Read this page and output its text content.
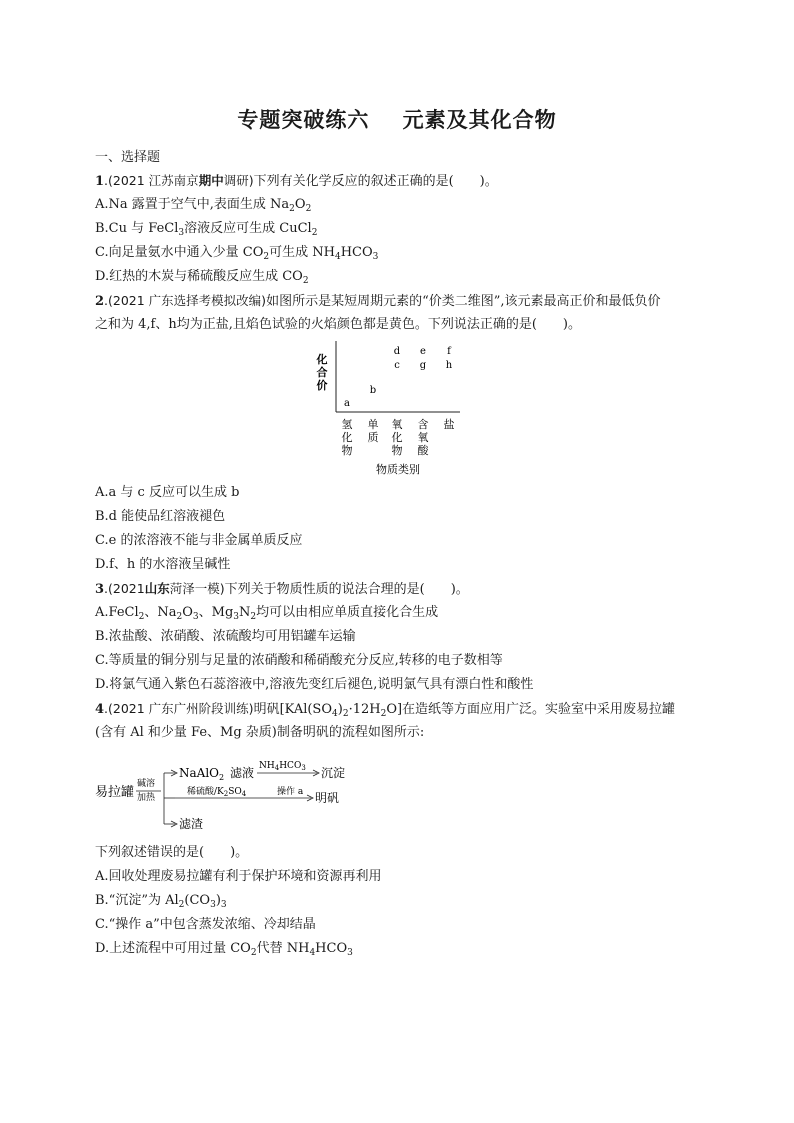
专题突破练六    元素及其化合物
一、选择题
1.(2021 江苏南京期中调研)下列有关化学反应的叙述正确的是(　　)。
A.Na 露置于空气中,表面生成 $Na_2O_2$
B.Cu 与 FeCl$_3$溶液反应可生成 CuCl$_2$
C.向足量氨水中通入少量 $CO_2$可生成 $NH_4HCO_3$
D.红热的木炭与稀硫酸反应生成 $CO_2$
2.(2021 广东选择考模拟改编)如图所示是某短周期元素的“价类二维图”,该元素最高正价和最低负价
之和为 4,f、h均为正盐,且焰色试验的火焰颜色都是黄色。下列说法正确的是(　　)。
化
合
价
a
b
c
d e
g
f
h
氢
化
物
单
质
氧
化
物
含
氧
酸
盐
物质类别
A.a 与 c 反应可以生成 b
B.d 能使品红溶液褪色
C.e 的浓溶液不能与非金属单质反应
D.f、h 的水溶液呈碱性
3.(2021山东菏泽一模)下列关于物质性质的说法合理的是(　　)。
A.FeCl$_2$、$Na_2O_3$、$Mg_3N_2$均可以由相应单质直接化合生成
B.浓盐酸、浓硝酸、浓硫酸均可用铝罐车运输
C.等质量的铜分别与足量的浓硝酸和稀硝酸充分反应,转移的电子数相等
D.将氯气通入紫色石蕊溶液中,溶液先变红后褪色,说明氯气具有漂白性和酸性
4.(2021 广东广州阶段训练)明矾$[KAl(SO_4)_2\cdot 12H_2O]$在造纸等方面应用广泛。实验室中采用废易拉罐
(含有 Al 和少量 Fe、Mg 杂质)制备明矾的流程如图所示:
易拉罐
碱溶
加热
NaAlO$_2$ 滤液 $NH_4HCO_3$ 沉淀
稀硫酸$/K_2SO_4$	操作 a 明矾
滤渣
下列叙述错误的是(　　)。
A.回收处理废易拉罐有利于保护环境和资源再利用
B.“沉淀”为 $Al_2(CO_3)_3$
C.“操作 a”中包含蒸发浓缩、冷却结晶
D.上述流程中可用过量 $CO_2$代替 $NH_4HCO_3$
